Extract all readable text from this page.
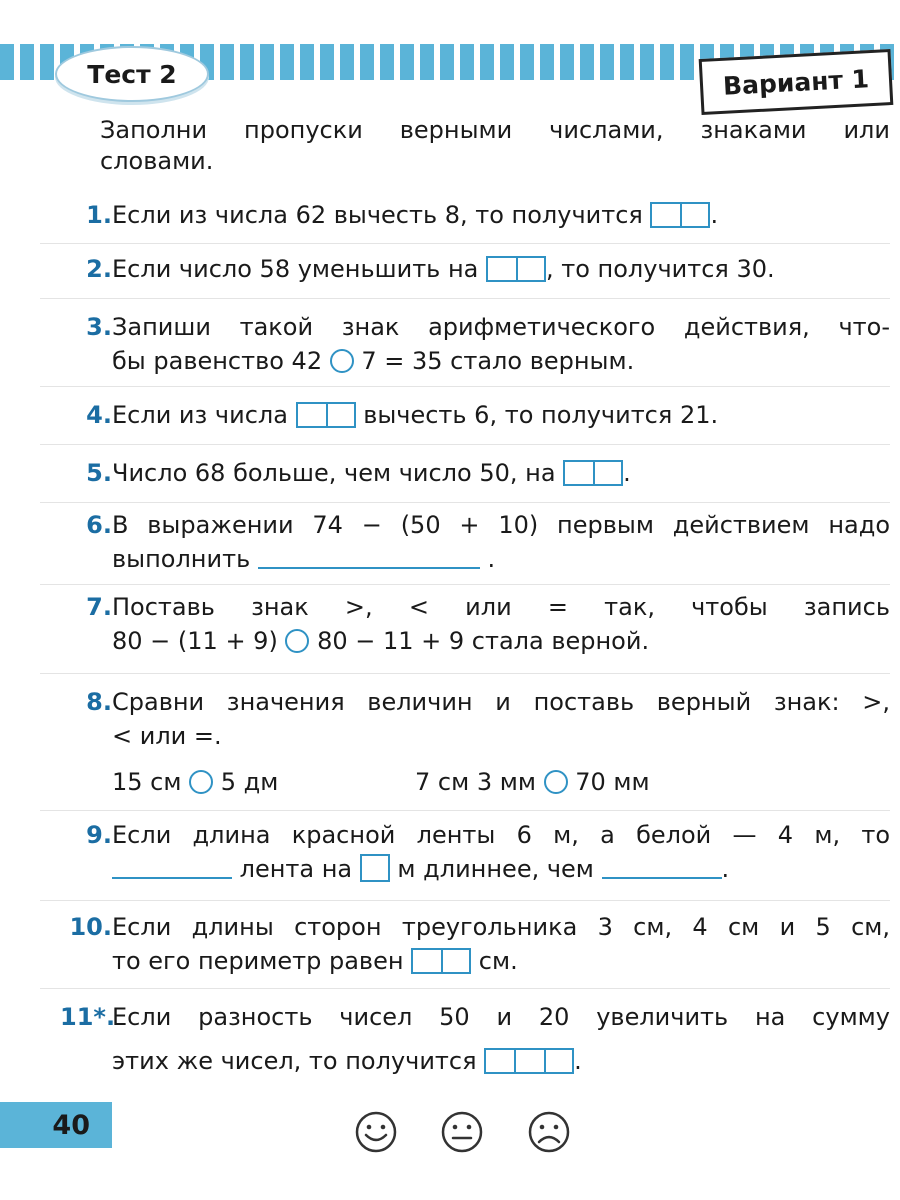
Тест 2	Вариант 1
Заполни пропуски верными числами, знаками или
словами.
1. Если из числа 62 вычесть 8, то получится	.
2. Если число 58 уменьшить на	, то получится 30.
3. Запиши такой знак арифметического действия, что-
бы равенство 42  7 = 35 стало верным.
4. Если из числа	вычесть 6, то получится 21.
5. Число 68 больше, чем число 50, на	.
6. В выражении 74 − (50 + 10) первым действием надо
выполнить	.
7. Поставь знак >, < или = так, чтобы запись
80 − (11 + 9)  80 − 11 + 9 стала верной.
8. Сравни значения величин и поставь верный знак: >,
< или =.
15 см  5 дм	7 см 3 мм  70 мм
9. Если длина красной ленты 6 м, а белой — 4 м, то
лента на  м длиннее, чем	.
10. Если длины сторон треугольника 3 см, 4 см и 5 см,
то его периметр равен	см.
11*.
Если разность чисел 50 и 20 увеличить на сумму
этих же чисел, то получится	.
40
